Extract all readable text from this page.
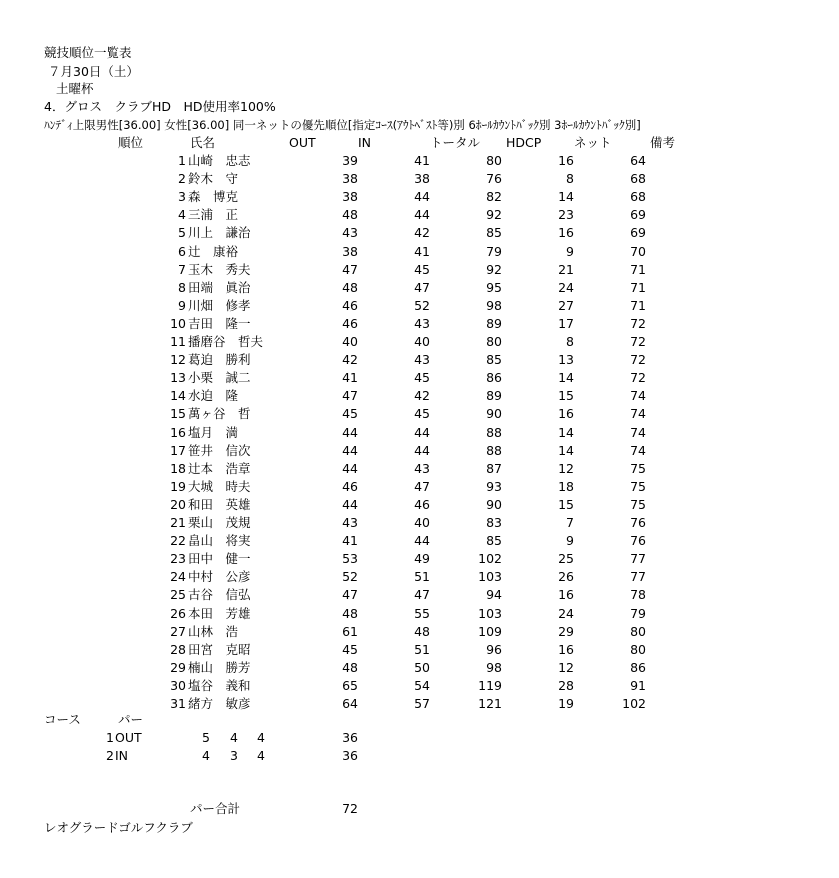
競技順位一覧表
７月30日（土）
土曜杯
4．グロス　クラブHD　HD使用率100%
ﾊﾝﾃﾞｨ上限男性[36.00] 女性[36.00] 同一ネットの優先順位[指定ｺｰｽ(ｱｳﾄﾍﾞｽﾄ等)別 6ﾎｰﾙｶｳﾝﾄﾊﾞｯｸ別 3ﾎｰﾙｶｳﾝﾄﾊﾞｯｸ別]
順位	氏名	OUT	IN	トータル HDCP	ネット	備考
1 山崎　忠志	39	41	80	16	64
2 鈴木　守	38	38	76	8	68
3 森　博克	38	44	82	14	68
4 三浦　正	48	44	92	23	69
5 川上　謙治	43	42	85	16	69
6 辻　康裕	38	41	79	9	70
7 玉木　秀夫	47	45	92	21	71
8 田端　眞治	48	47	95	24	71
9 川畑　修孝	46	52	98	27	71
10 吉田　隆一	46	43	89	17	72
11 播磨谷　哲夫	40	40	80	8	72
12 葛迫　勝利	42	43	85	13	72
13 小栗　誠二	41	45	86	14	72
14 水迫　隆	47	42	89	15	74
15 萬ヶ谷　哲	45	45	90	16	74
16 塩月　満	44	44	88	14	74
17 笹井　信次	44	44	88	14	74
18 辻本　浩章	44	43	87	12	75
19 大城　時夫	46	47	93	18	75
20 和田　英雄	44	46	90	15	75
21 栗山　茂規	43	40	83	7	76
22 畠山　将実	41	44	85	9	76
23 田中　健一	53	49	102	25	77
24 中村　公彦	52	51	103	26	77
25 古谷　信弘	47	47	94	16	78
26 本田　芳雄	48	55	103	24	79
27 山林　浩	61	48	109	29	80
28 田宮　克昭	45	51	96	16	80
29 楠山　勝芳	48	50	98	12	86
30 塩谷　義和	65	54	119	28	91
31 緒方　敏彦	64	57	121	19	102
コース	パー
1 OUT	5	4	4	36
2 IN	4	3	4	36
パー合計	72
レオグラードゴルフクラブ
